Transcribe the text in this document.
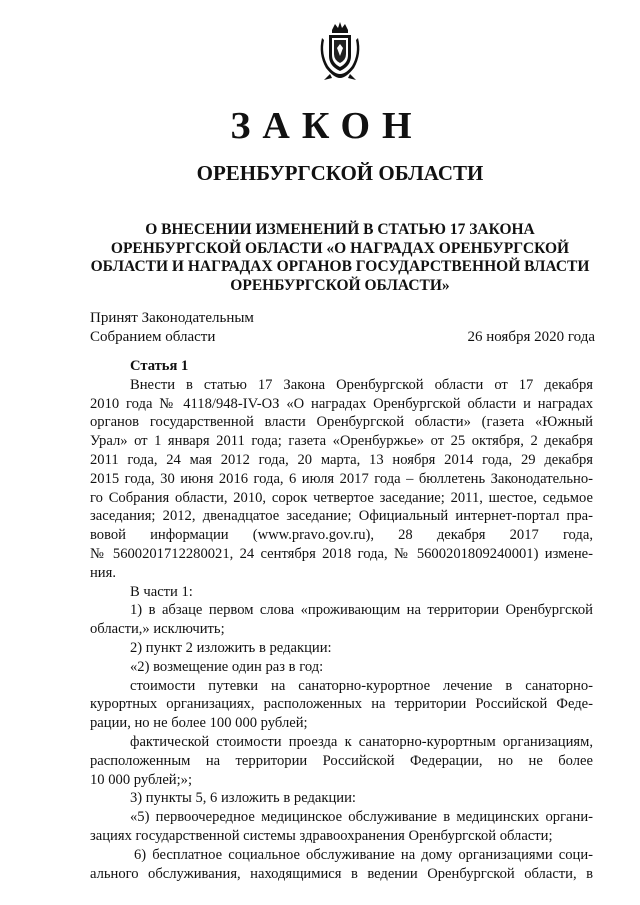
ЗАКОН
ОРЕНБУРГСКОЙ ОБЛАСТИ
О ВНЕСЕНИИ ИЗМЕНЕНИЙ В СТАТЬЮ 17 ЗАКОНА
ОРЕНБУРГСКОЙ ОБЛАСТИ «О НАГРАДАХ ОРЕНБУРГСКОЙ
ОБЛАСТИ И НАГРАДАХ ОРГАНОВ ГОСУДАРСТВЕННОЙ ВЛАСТИ
ОРЕНБУРГСКОЙ ОБЛАСТИ»
Принят Законодательным
Собранием области	26 ноября 2020 года

Статья 1

Внести в статью 17 Закона Оренбургской области от 17 декабря
2010 года № 4118/948-IV-ОЗ «О наградах Оренбургской области и наградах
органов государственной власти Оренбургской области» (газета «Южный
Урал» от 1 января 2011 года; газета «Оренбуржье» от 25 октября, 2 декабря
2011 года, 24 мая 2012 года, 20 марта, 13 ноября 2014 года, 29 декабря
2015 года, 30 июня 2016 года, 6 июля 2017 года – бюллетень Законодательно-
го Собрания области, 2010, сорок четвертое заседание; 2011, шестое, седьмое
заседания; 2012, двенадцатое заседание; Официальный интернет-портал пра-
вовой информации (www.pravo.gov.ru), 28 декабря 2017 года,
№ 5600201712280021, 24 сентября 2018 года, № 5600201809240001) измене-
ния.
В части 1:
1) в абзаце первом слова «проживающим на территории Оренбургской
области,» исключить;
2) пункт 2 изложить в редакции:
«2) возмещение один раз в год:
стоимости путевки на санаторно-курортное лечение в санаторно-
курортных организациях, расположенных на территории Российской Феде-
рации, но не более 100 000 рублей;
фактической стоимости проезда к санаторно-курортным организациям,
расположенным на территории Российской Федерации, но не более
10 000 рублей;»;
3) пункты 5, 6 изложить в редакции:
«5) первоочередное медицинское обслуживание в медицинских органи-
зациях государственной системы здравоохранения Оренбургской области;
6) бесплатное социальное обслуживание на дому организациями соци-
ального обслуживания, находящимися в ведении Оренбургской области, в
